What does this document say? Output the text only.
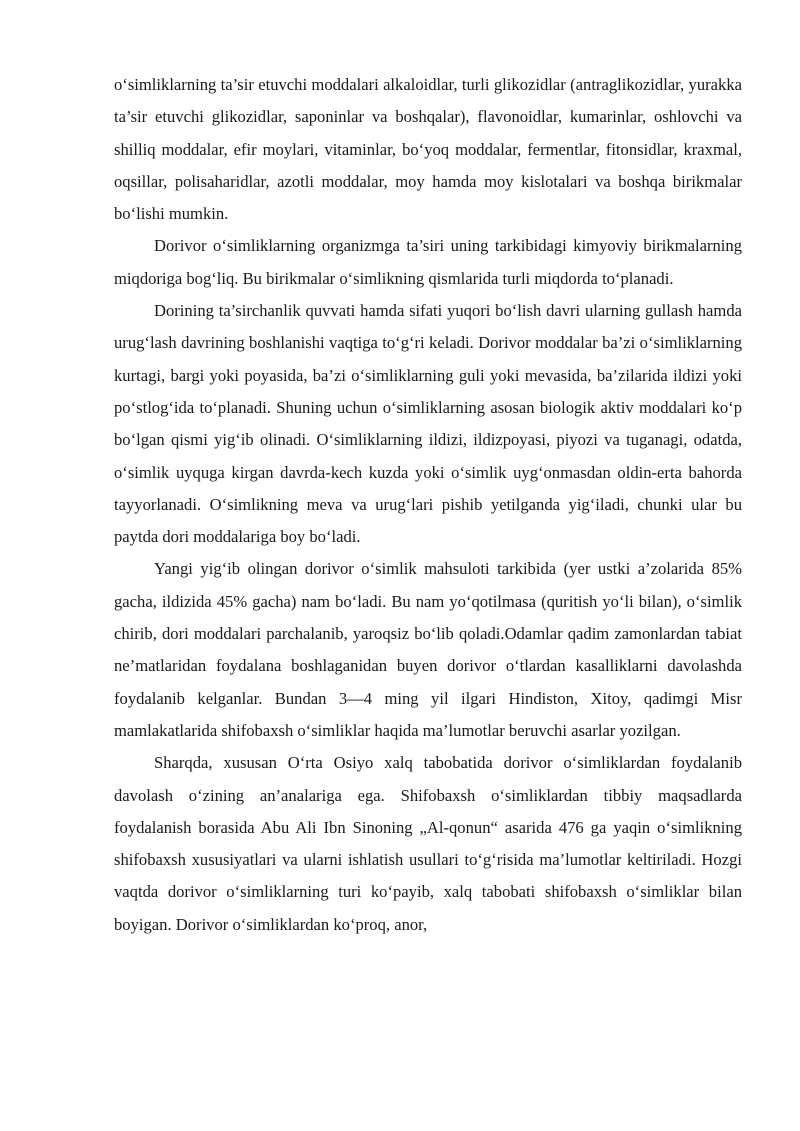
o‘simliklarning ta’sir etuvchi moddalari alkaloidlar, turli glikozidlar (antraglikozidlar, yurakka ta’sir etuvchi glikozidlar, saponinlar va boshqalar), flavonoidlar, kumarinlar, oshlovchi va shilliq moddalar, efir moylari, vitaminlar, bo‘yoq moddalar, fermentlar, fitonsidlar, kraxmal, oqsillar, polisaharidlar, azotli moddalar, moy hamda moy kislotalari va boshqa birikmalar bo‘lishi mumkin.

Dorivor o‘simliklarning organizmga ta’siri uning tarkibidagi kimyoviy birikmalarning miqdoriga bog‘liq. Bu birikmalar o‘simlikning qismlarida turli miqdorda to‘planadi.

Dorining ta’sirchanlik quvvati hamda sifati yuqori bo‘lish davri ularning gullash hamda urug‘lash davrining boshlanishi vaqtiga to‘g‘ri keladi. Dorivor moddalar ba’zi o‘simliklarning kurtagi, bargi yoki poyasida, ba’zi o‘simliklarning guli yoki mevasida, ba’zilarida ildizi yoki po‘stlog‘ida to‘planadi. Shuning uchun o‘simliklarning asosan biologik aktiv moddalari ko‘p bo‘lgan qismi yig‘ib olinadi. O‘simliklarning ildizi, ildizpoyasi, piyozi va tuganagi, odatda, o‘simlik uyquga kirgan davrda-kech kuzda yoki o‘simlik uyg‘onmasdan oldin-erta bahorda tayyorlanadi. O‘simlikning meva va urug‘lari pishib yetilganda yig‘iladi, chunki ular bu paytda dori moddalariga boy bo‘ladi.

Yangi yig‘ib olingan dorivor o‘simlik mahsuloti tarkibida (yer ustki a’zolarida 85% gacha, ildizida 45% gacha) nam bo‘ladi. Bu nam yo‘qotilmasa (quritish yo‘li bilan), o‘simlik chirib, dori moddalari parchalanib, yaroqsiz bo‘lib qoladi.Odamlar qadim zamonlardan tabiat ne’matlaridan foydalana boshlaganidan buyen dorivor o‘tlardan kasalliklarni davolashda foydalanib kelganlar. Bundan 3—4 ming yil ilgari Hindiston, Xitoy, qadimgi Misr mamlakatlarida shifobaxsh o‘simliklar haqida ma’lumotlar beruvchi asarlar yozilgan.

Sharqda, xususan O‘rta Osiyo xalq tabobatida dorivor o‘simliklardan foydalanib davolash o‘zining an’analariga ega. Shifobaxsh o‘simliklardan tibbiy maqsadlarda foydalanish borasida Abu Ali Ibn Sinoning „Al-qonun“ asarida 476 ga yaqin o‘simlikning shifobaxsh xususiyatlari va ularni ishlatish usullari to‘g‘risida ma’lumotlar keltiriladi. Hozgi vaqtda dorivor o‘simliklarning turi ko‘payib, xalq tabobati shifobaxsh o‘simliklar bilan boyigan. Dorivor o‘simliklardan ko‘proq, anor,
